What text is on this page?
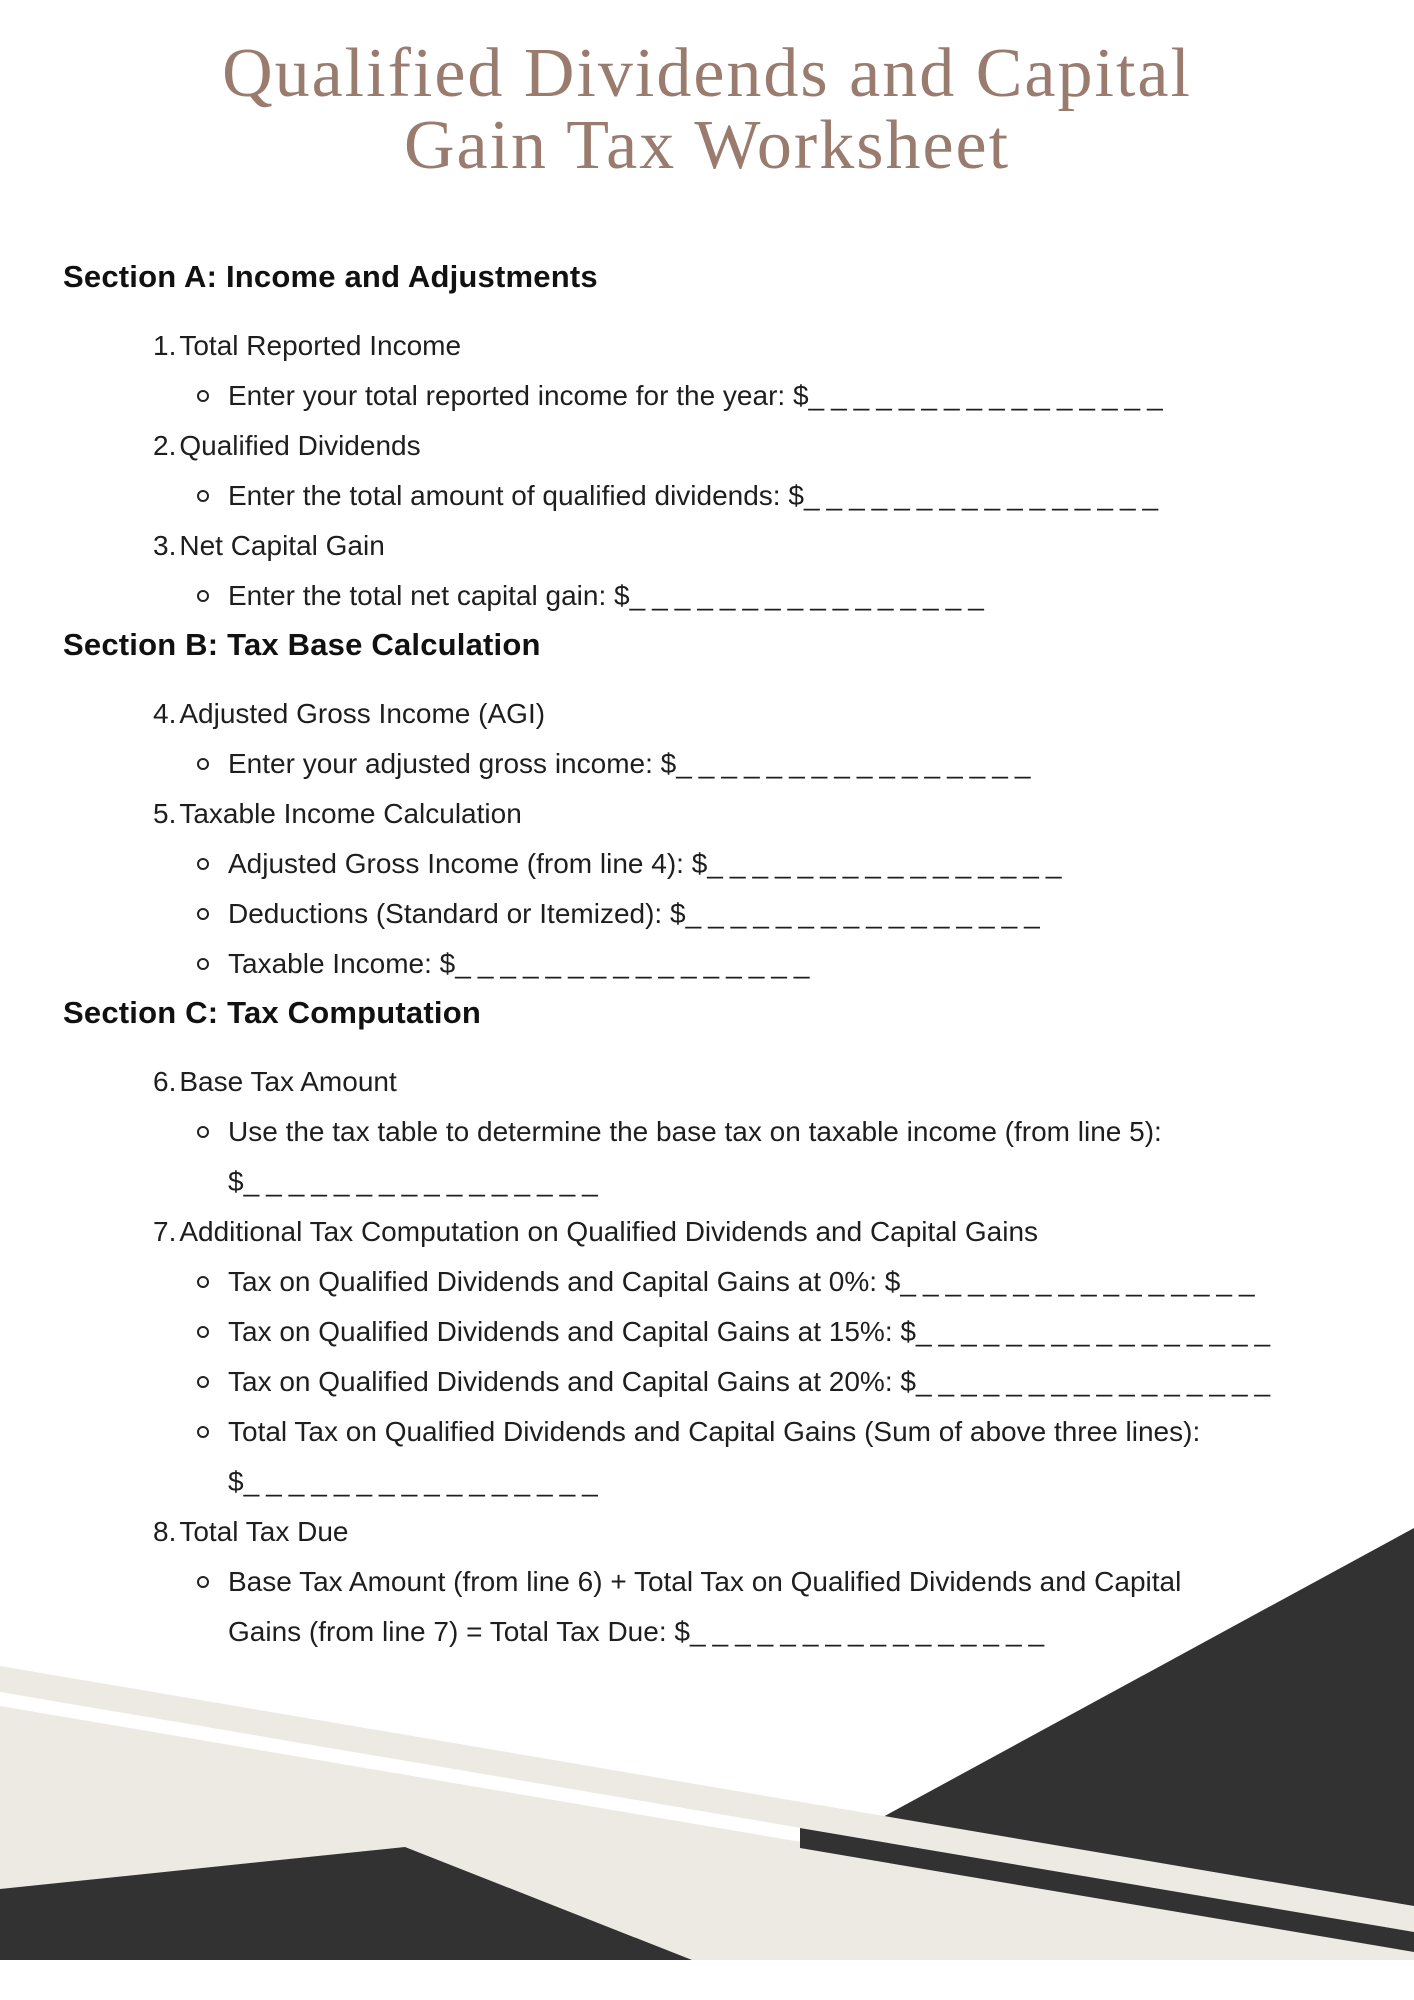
Qualified Dividends and Capital
Gain Tax Worksheet
Section A: Income and Adjustments
1. Total Reported Income
Enter your total reported income for the year: $ ________________
2. Qualified Dividends
Enter the total amount of qualified dividends: $ ________________
3. Net Capital Gain
Enter the total net capital gain: $ ________________
Section B: Tax Base Calculation
4. Adjusted Gross Income (AGI)
Enter your adjusted gross income: $ ________________
5. Taxable Income Calculation
Adjusted Gross Income (from line 4): $ ________________
Deductions (Standard or Itemized): $ ________________
Taxable Income: $ ________________
Section C: Tax Computation
6. Base Tax Amount
Use the tax table to determine the base tax on taxable income (from line 5):
$ ________________
7. Additional Tax Computation on Qualified Dividends and Capital Gains
Tax on Qualified Dividends and Capital Gains at 0%: $ ________________
Tax on Qualified Dividends and Capital Gains at 15%: $ ________________
Tax on Qualified Dividends and Capital Gains at 20%: $ ________________
Total Tax on Qualified Dividends and Capital Gains (Sum of above three lines):
$ ________________
8. Total Tax Due
Base Tax Amount (from line 6) + Total Tax on Qualified Dividends and Capital
Gains (from line 7) = Total Tax Due: $ ________________
